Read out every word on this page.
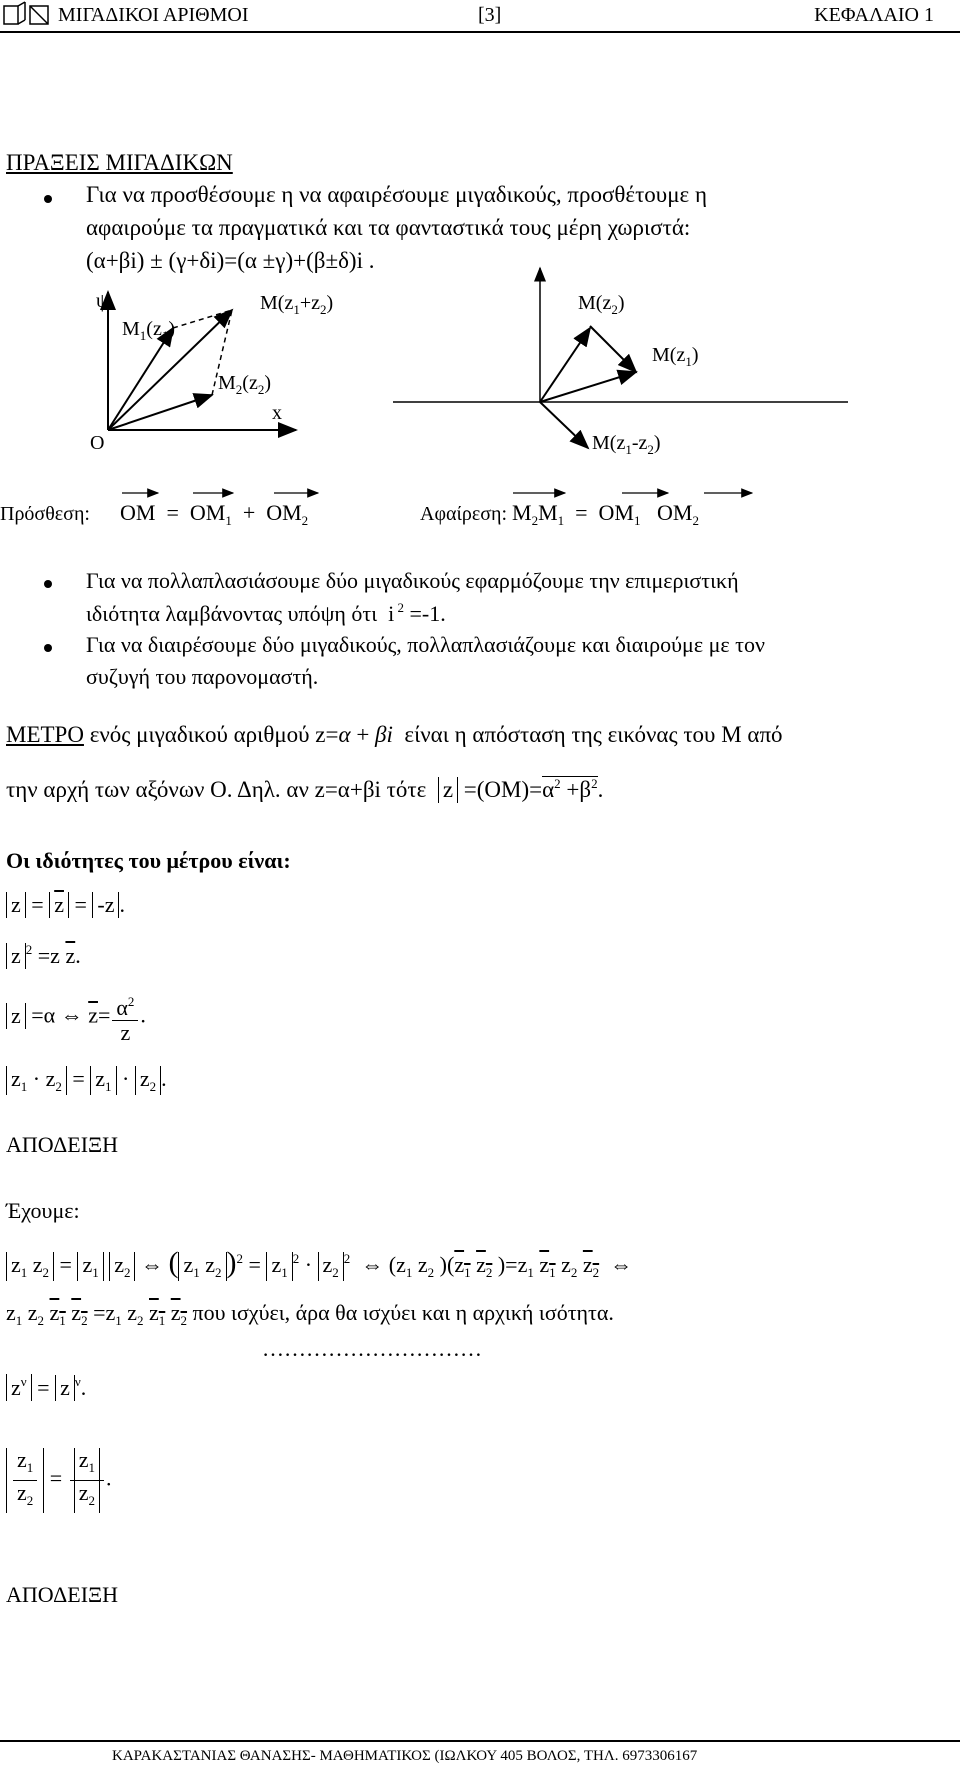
ΜΙΓΑΔΙΚΟΙ ΑΡΙΘΜΟΙ	[3]	ΚΕΦΑΛΑΙΟ 1
ΠΡΑΞΕΙΣ ΜΙΓΑΔΙΚΩΝ
Για να προσθέσουμε η να αφαιρέσουμε μιγαδικούς, προσθέτουμε η
αφαιρούμε τα πραγματικά και τα φανταστικά τους μέρη χωριστά:
(α+βi) ± (γ+δi)=(α ±γ)+(β±δ)i .
ψ
x
O
$M_1(z_1)$
$M_2(z_2)$
$M(z_1+z_2)$	$M(z_2)$
$M(z_1)$
$M(z_1-z_2)$
Πρόσθεση: OM  =  $OM_1 + OM_2$	Αφαίρεση: $M_2M_1 = OM_1$   $OM_2$
Για να πολλαπλασιάσουμε δύο μιγαδικούς εφαρμόζουμε την επιμεριστική
ιδιότητα λαμβάνοντας υπόψη ότι  i $^2$ =-1.
Για να διαιρέσουμε δύο μιγαδικούς, πολλαπλασιάζουμε και διαιρούμε με τον
συζυγή του παρονομαστή.
ΜΕΤΡΟ ενός μιγαδικού αριθμού z=α + βi  είναι η απόσταση της εικόνας του Μ από
την αρχή των αξόνων Ο. Δηλ. αν z=α+βi τότε $z =(OM)=\alpha^2 +\beta^2$.
Οι ιδιότητες του μέτρου είναι:
$z = \overline{z} = -z$ .
z $^2$ =z $\overline{z}$.
z =α ⇔ $\overline{z}= \frac{\alpha^2}{z}$ .
$z_1 \cdot z_2 = z_1 \cdot z_2$ .
ΑΠΟΔΕΙΞΗ
Έχουμε:
$z_1$ $z_2 = z_1$ $z_2$ ⇔ ( $z_1$ $z_2$ )$^2 = z_1^2 \cdot z_2^2$  ⇔ ($z_1$ $z_2$ )($z_1$ $z_2$ )$=z_1$ $z_1$ $z_2$ $z_2$  ⇔
$z_1$ $z_2$ $z_1$ $z_2 =z_1$ $z_2$ $z_1$ $z_2$ που ισχύει, άρα θα ισχύει και η αρχική ισότητα.
…………………………
$z^\nu = z$ $^\nu$.
$\frac{z_1}{z_2} = \frac{z_1}{z_2}$ .
ΑΠΟΔΕΙΞΗ
ΚΑΡΑΚΑΣΤΑΝΙΑΣ ΘΑΝΑΣΗΣ- ΜΑΘΗΜΑΤΙΚΟΣ (ΙΩΛΚΟΥ 405 ΒΟΛΟΣ, ΤΗΛ. 6973306167
